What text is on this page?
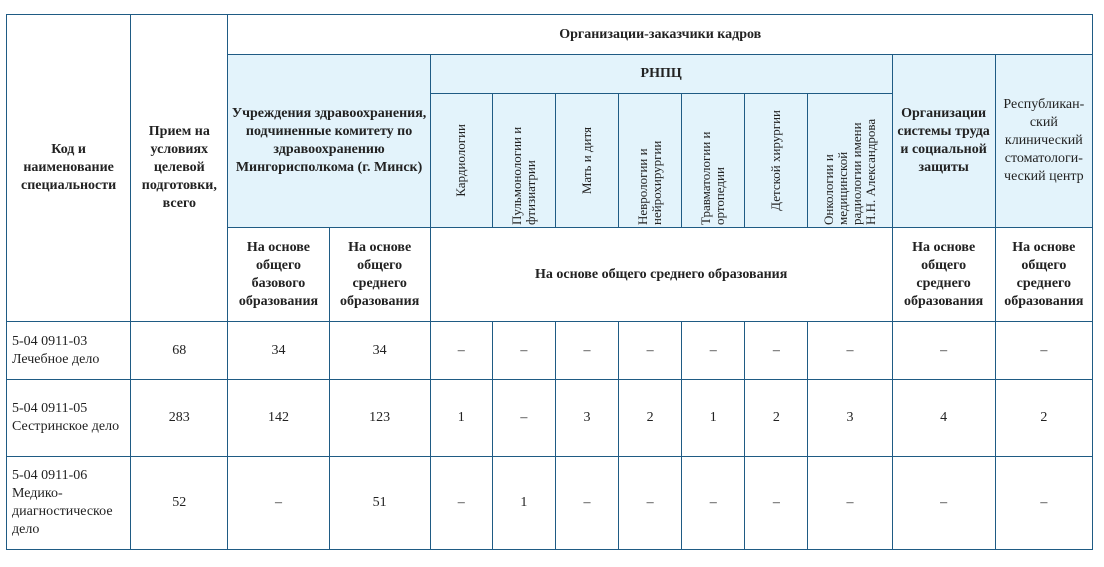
Код и наименование специальности	Прием на условиях целевой подготовки, всего	Организации-заказчики кадров										
		Учреждения здравоохранения, подчиненные комитету по здравоохранению Мингорисполкома (г. Минск)		РНПЦ							Организации системы труда и социальной защиты	Республикан-ский клинический стоматологи-ческий центр

				Кардиологии	Пульмонологии и фтизиатрии	Мать и дитя	Неврологии и нейрохирургии	Травматологии и ортопедии	Детской хирургии	Онкологии и медицинской радиологии имени Н.Н. Александрова		

		На основе общего базового образования	На основе общего среднего образования	На основе общего среднего образования							На основе общего среднего образования	На основе общего среднего образования
5-04 0911-03
Лечебное дело	68	34	34	–	–	–	–	–	–	–	–	–
5-04 0911-05
Сестринское дело	283	142	123	1	–	3	2	1	2	3	4	2
5-04 0911-06
Медико-диагностическое дело	52	–	51	–	1	–	–	–	–	–	–	–
